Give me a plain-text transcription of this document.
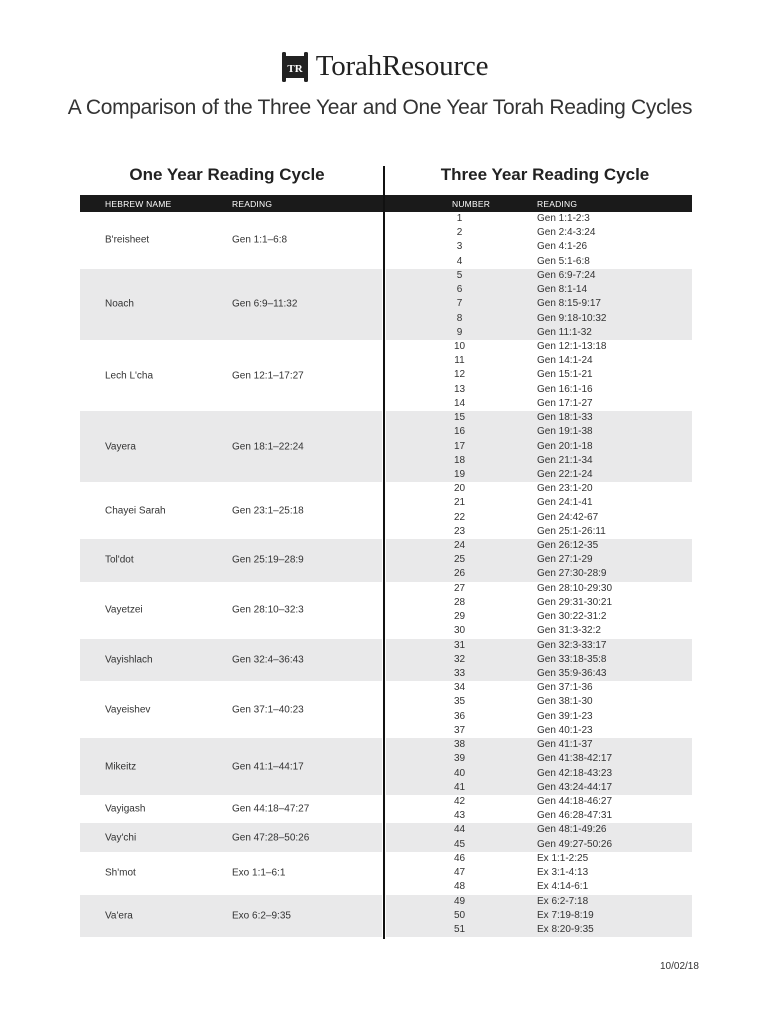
TR TorahResource
A Comparison of the Three Year and One Year Torah Reading Cycles
One Year Reading Cycle	Three Year Reading Cycle
HEBREW NAME	READING	NUMBER	READING
B'reisheet	Gen 1:1–6:8
Noach	Gen 6:9–11:32
Lech L'cha	Gen 12:1–17:27
Vayera	Gen 18:1–22:24
Chayei Sarah	Gen 23:1–25:18
Tol'dot	Gen 25:19–28:9
Vayetzei	Gen 28:10–32:3
Vayishlach	Gen 32:4–36:43
Vayeishev	Gen 37:1–40:23
Mikeitz	Gen 41:1–44:17
Vayigash	Gen 44:18–47:27
Vay'chi	Gen 47:28–50:26
Sh'mot	Exo 1:1–6:1
Va'era	Exo 6:2–9:35
1	Gen 1:1-2:3
2	Gen 2:4-3:24
3	Gen 4:1-26
4	Gen 5:1-6:8
5	Gen 6:9-7:24
6	Gen 8:1-14
7	Gen 8:15-9:17
8	Gen 9:18-10:32
9	Gen 11:1-32
10	Gen 12:1-13:18
11	Gen 14:1-24
12	Gen 15:1-21
13	Gen 16:1-16
14	Gen 17:1-27
15	Gen 18:1-33
16	Gen 19:1-38
17	Gen 20:1-18
18	Gen 21:1-34
19	Gen 22:1-24
20	Gen 23:1-20
21	Gen 24:1-41
22	Gen 24:42-67
23	Gen 25:1-26:11
24	Gen 26:12-35
25	Gen 27:1-29
26	Gen 27:30-28:9
27	Gen 28:10-29:30
28	Gen 29:31-30:21
29	Gen 30:22-31:2
30	Gen 31:3-32:2
31	Gen 32:3-33:17
32	Gen 33:18-35:8
33	Gen 35:9-36:43
34	Gen 37:1-36
35	Gen 38:1-30
36	Gen 39:1-23
37	Gen 40:1-23
38	Gen 41:1-37
39	Gen 41:38-42:17
40	Gen 42:18-43:23
41	Gen 43:24-44:17
42	Gen 44:18-46:27
43	Gen 46:28-47:31
44	Gen 48:1-49:26
45	Gen 49:27-50:26
46	Ex 1:1-2:25
47	Ex 3:1-4:13
48	Ex 4:14-6:1
49	Ex 6:2-7:18
50	Ex 7:19-8:19
51	Ex 8:20-9:35
10/02/18
